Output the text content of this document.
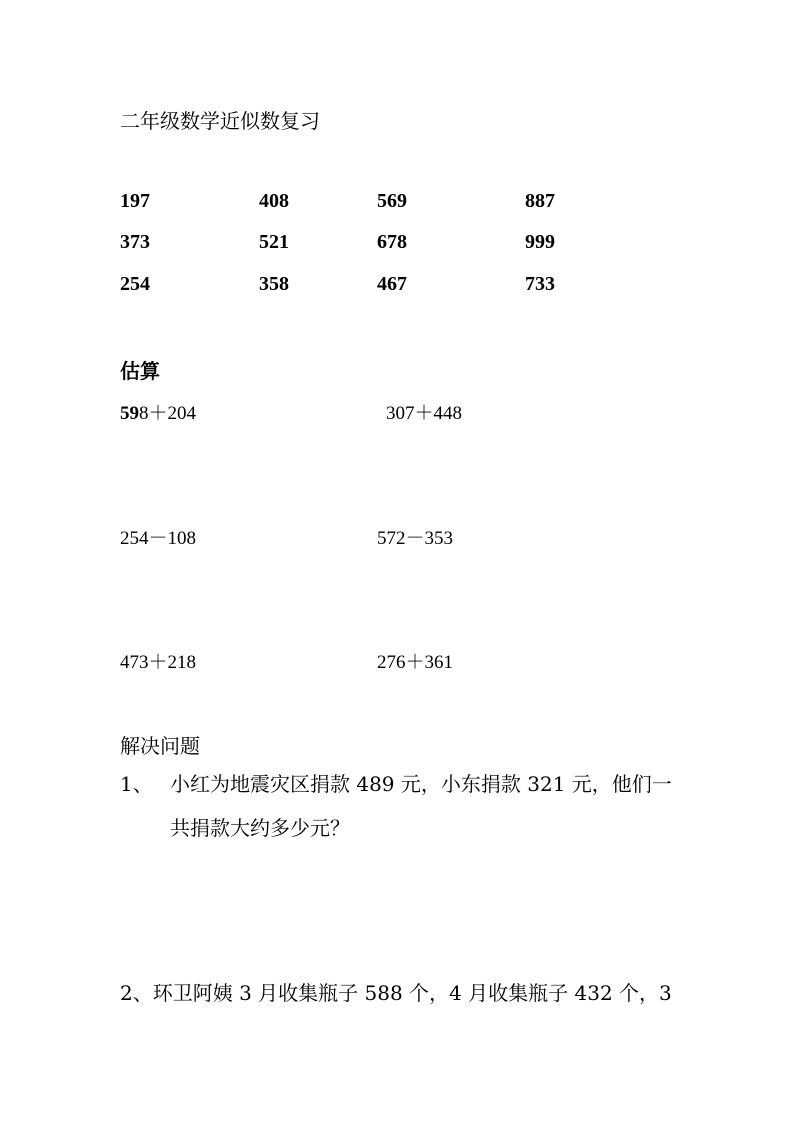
二年级数学近似数复习
197	408	569	887
373	521	678	999
254	358	467	733
估算
598＋204	307＋448
254－108	572－353
473＋218	276＋361
解决问题
1、 小红为地震灾区捐款 489 元，小东捐款 321 元，他们一
共捐款大约多少元？
2、环卫阿姨 3 月收集瓶子 588 个，4 月收集瓶子 432 个，3
